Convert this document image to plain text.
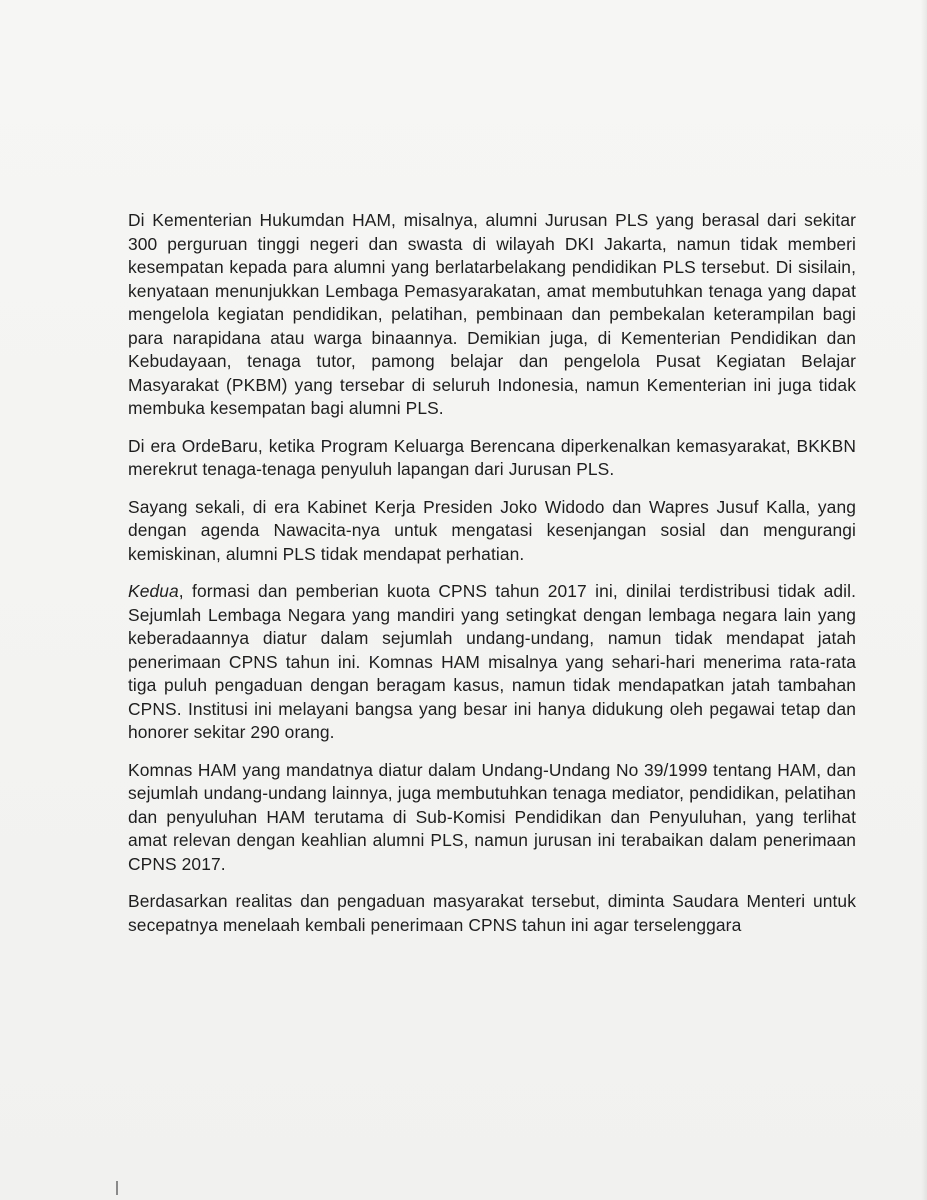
Di Kementerian Hukumdan HAM, misalnya, alumni Jurusan PLS yang berasal dari sekitar 300 perguruan tinggi negeri dan swasta di wilayah DKI Jakarta, namun tidak memberi kesempatan kepada para alumni yang berlatarbelakang pendidikan PLS tersebut. Di sisilain, kenyataan menunjukkan Lembaga Pemasyarakatan, amat membutuhkan tenaga yang dapat mengelola kegiatan pendidikan, pelatihan, pembinaan dan pembekalan keterampilan bagi para narapidana atau warga binaannya. Demikian juga, di Kementerian Pendidikan dan Kebudayaan, tenaga tutor, pamong belajar dan pengelola Pusat Kegiatan Belajar Masyarakat (PKBM) yang tersebar di seluruh Indonesia, namun Kementerian ini juga tidak membuka kesempatan bagi alumni PLS.

Di era OrdeBaru, ketika Program Keluarga Berencana diperkenalkan kemasyarakat, BKKBN merekrut tenaga-tenaga penyuluh lapangan dari Jurusan PLS.

Sayang sekali, di era Kabinet Kerja Presiden Joko Widodo dan Wapres Jusuf Kalla, yang dengan agenda Nawacita-nya untuk mengatasi kesenjangan sosial dan mengurangi kemiskinan, alumni PLS tidak mendapat perhatian.

Kedua, formasi dan pemberian kuota CPNS tahun 2017 ini, dinilai terdistribusi tidak adil. Sejumlah Lembaga Negara yang mandiri yang setingkat dengan lembaga negara lain yang keberadaannya diatur dalam sejumlah undang-undang, namun tidak mendapat jatah penerimaan CPNS tahun ini. Komnas HAM misalnya yang sehari-hari menerima rata-rata tiga puluh pengaduan dengan beragam kasus, namun tidak mendapatkan jatah tambahan CPNS. Institusi ini melayani bangsa yang besar ini hanya didukung oleh pegawai tetap dan honorer sekitar 290 orang.

Komnas HAM yang mandatnya diatur dalam Undang-Undang No 39/1999 tentang HAM, dan sejumlah undang-undang lainnya, juga membutuhkan tenaga mediator, pendidikan, pelatihan dan penyuluhan HAM terutama di Sub-Komisi Pendidikan dan Penyuluhan, yang terlihat amat relevan dengan keahlian alumni PLS, namun jurusan ini terabaikan dalam penerimaan CPNS 2017.

Berdasarkan realitas dan pengaduan masyarakat tersebut, diminta Saudara Menteri untuk secepatnya menelaah kembali penerimaan CPNS tahun ini agar terselenggara
